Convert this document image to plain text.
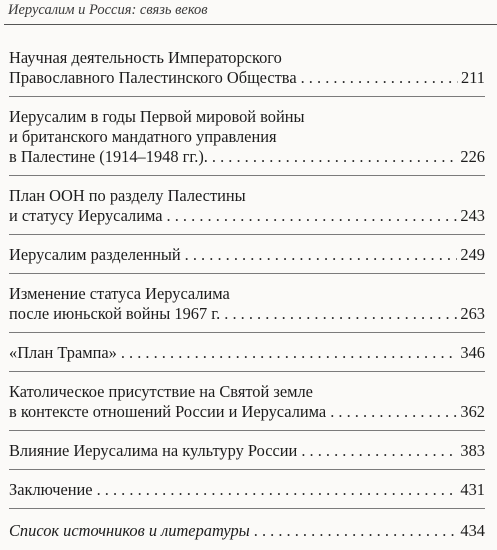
Иерусалим и Россия: связь веков
Научная деятельность Императорского
Православного Палестинского Общества . . .	211
Иерусалим в годы Первой мировой войны
и британского мандатного управления
в Палестине (1914–1948 гг.). . . .	226
План ООН по разделу Палестины
и статусу Иерусалима . . .	243
Иерусалим разделенный . . .	249
Изменение статуса Иерусалима
после июньской войны 1967 г. . . .	263
«План Трампа» . . .	346
Католическое присутствие на Святой земле
в контексте отношений России и Иерусалима . . .	362
Влияние Иерусалима на культуру России . . .	383
Заключение . . .	431
Список источников и литературы . . .	434
